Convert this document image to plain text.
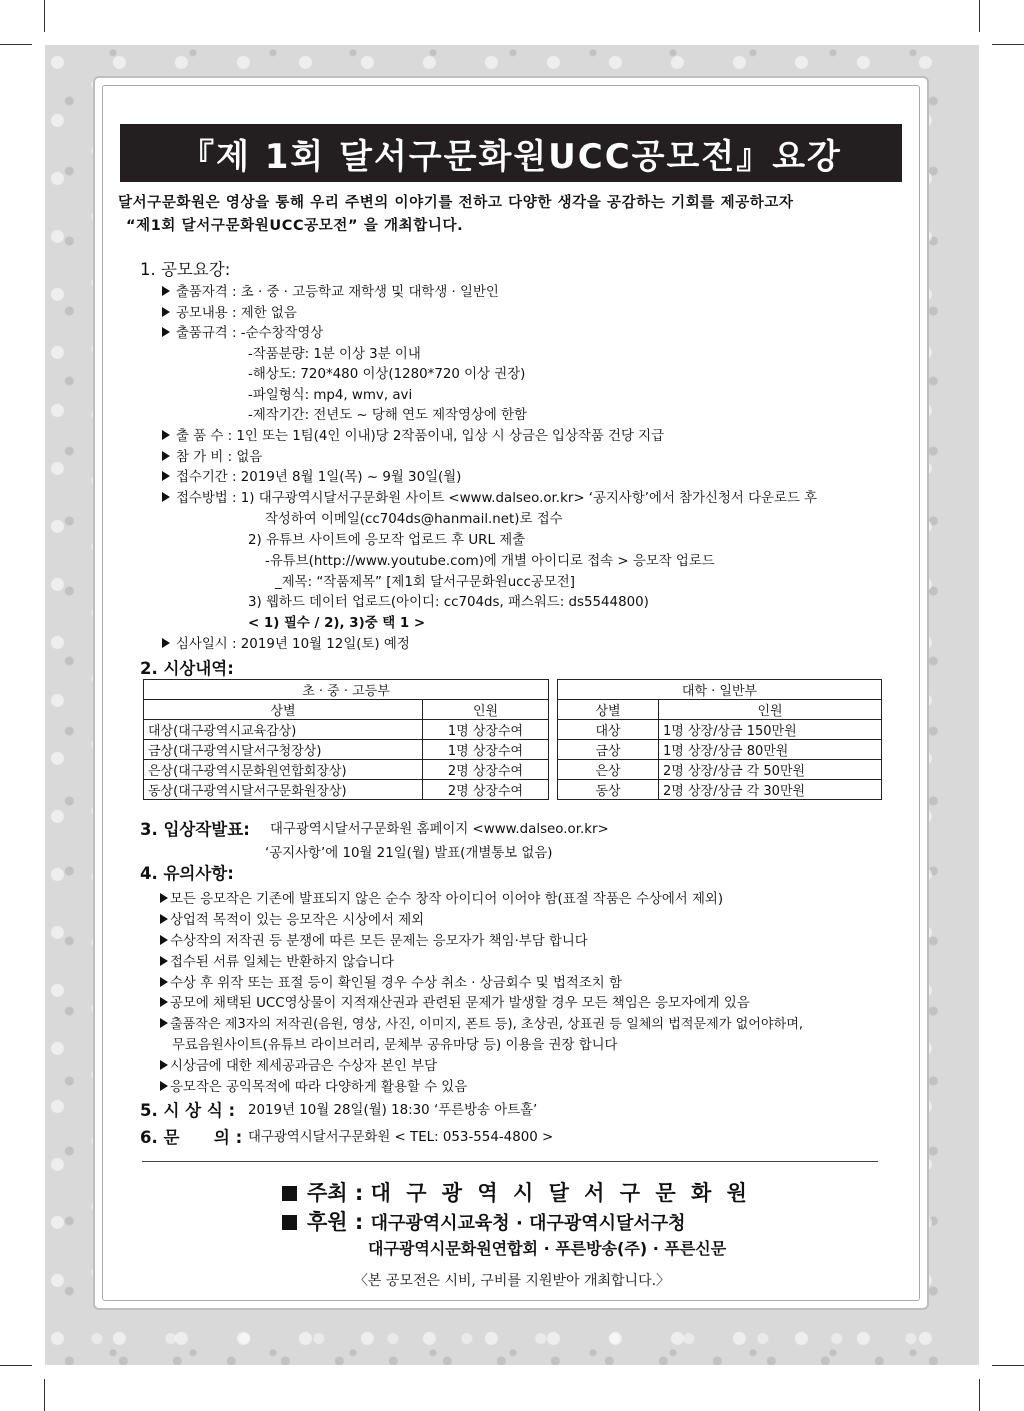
『제 1회 달서구문화원UCC공모전』요강
달서구문화원은 영상을 통해 우리 주변의 이야기를 전하고 다양한 생각을 공감하는 기회를 제공하고자
“제1회 달서구문화원UCC공모전” 을 개최합니다.
1. 공모요강:
출품자격 : 초 · 중 · 고등학교 재학생 및 대학생 · 일반인
공모내용 : 제한 없음
출품규격 : -순수창작영상
-작품분량: 1분 이상 3분 이내
-해상도: 720*480 이상(1280*720 이상 권장)
-파일형식: mp4, wmv, avi
-제작기간: 전년도 ~ 당해 연도 제작영상에 한함
출 품 수 : 1인 또는 1팀(4인 이내)당 2작품이내, 입상 시 상금은 입상작품 건당 지급
참 가 비 : 없음
접수기간 : 2019년 8월 1일(목) ~ 9월 30일(월)
접수방법 : 1) 대구광역시달서구문화원 사이트 <www.dalseo.or.kr> ‘공지사항’에서 참가신청서 다운로드 후
작성하여 이메일(cc704ds@hanmail.net)로 접수
2) 유튜브 사이트에 응모작 업로드 후 URL 제출
-유튜브(http://www.youtube.com)에 개별 아이디로 접속 > 응모작 업로드
_제목: “작품제목” [제1회 달서구문화원ucc공모전]
3) 웹하드 데이터 업로드(아이디: cc704ds, 패스워드: ds5544800)
< 1) 필수 / 2), 3)중 택 1 >
심사일시 : 2019년 10월 12일(토) 예정
2. 시상내역:
초 · 중 · 고등부	
상별	인원
대상(대구광역시교육감상)	1명 상장수여
금상(대구광역시달서구청장상)	1명 상장수여
은상(대구광역시문화원연합회장상)	2명 상장수여
동상(대구광역시달서구문화원장상)	2명 상장수여
대학 · 일반부	
상별	인원
대상	1명 상장/상금 150만원
금상	1명 상장/상금 80만원
은상	2명 상장/상금 각 50만원
동상	2명 상장/상금 각 30만원
3. 입상작발표: 대구광역시달서구문화원 홈페이지 <www.dalseo.or.kr>
‘공지사항’에 10월 21일(월) 발표(개별통보 없음)
4. 유의사항:
모든 응모작은 기존에 발표되지 않은 순수 창작 아이디어 이어야 함(표절 작품은 수상에서 제외)
상업적 목적이 있는 응모작은 시상에서 제외
수상작의 저작권 등 분쟁에 따른 모든 문제는 응모자가 책임·부담 합니다
접수된 서류 일체는 반환하지 않습니다
수상 후 위작 또는 표절 등이 확인될 경우 수상 취소 · 상금회수 및 법적조치 함
공모에 채택된 UCC영상물이 지적재산권과 관련된 문제가 발생할 경우 모든 책임은 응모자에게 있음
출품작은 제3자의 저작권(음원, 영상, 사진, 이미지, 폰트 등), 초상권, 상표권 등 일체의 법적문제가 없어야하며,
무료음원사이트(유튜브 라이브러리, 문체부 공유마당 등) 이용을 권장 합니다
시상금에 대한 제세공과금은 수상자 본인 부담
응모작은 공익목적에 따라 다양하게 활용할 수 있음
5. 시 상 식 : 2019년 10월 28일(월) 18:30 ‘푸른방송 아트홀’
6. 문      의 : 대구광역시달서구문화원 < TEL: 053-554-4800 >
주최 : 대 구 광 역 시 달 서 구 문 화 원
후원 : 대구광역시교육청 · 대구광역시달서구청
대구광역시문화원연합회 · 푸른방송(주) · 푸른신문
〈본 공모전은 시비, 구비를 지원받아 개최합니다.〉
